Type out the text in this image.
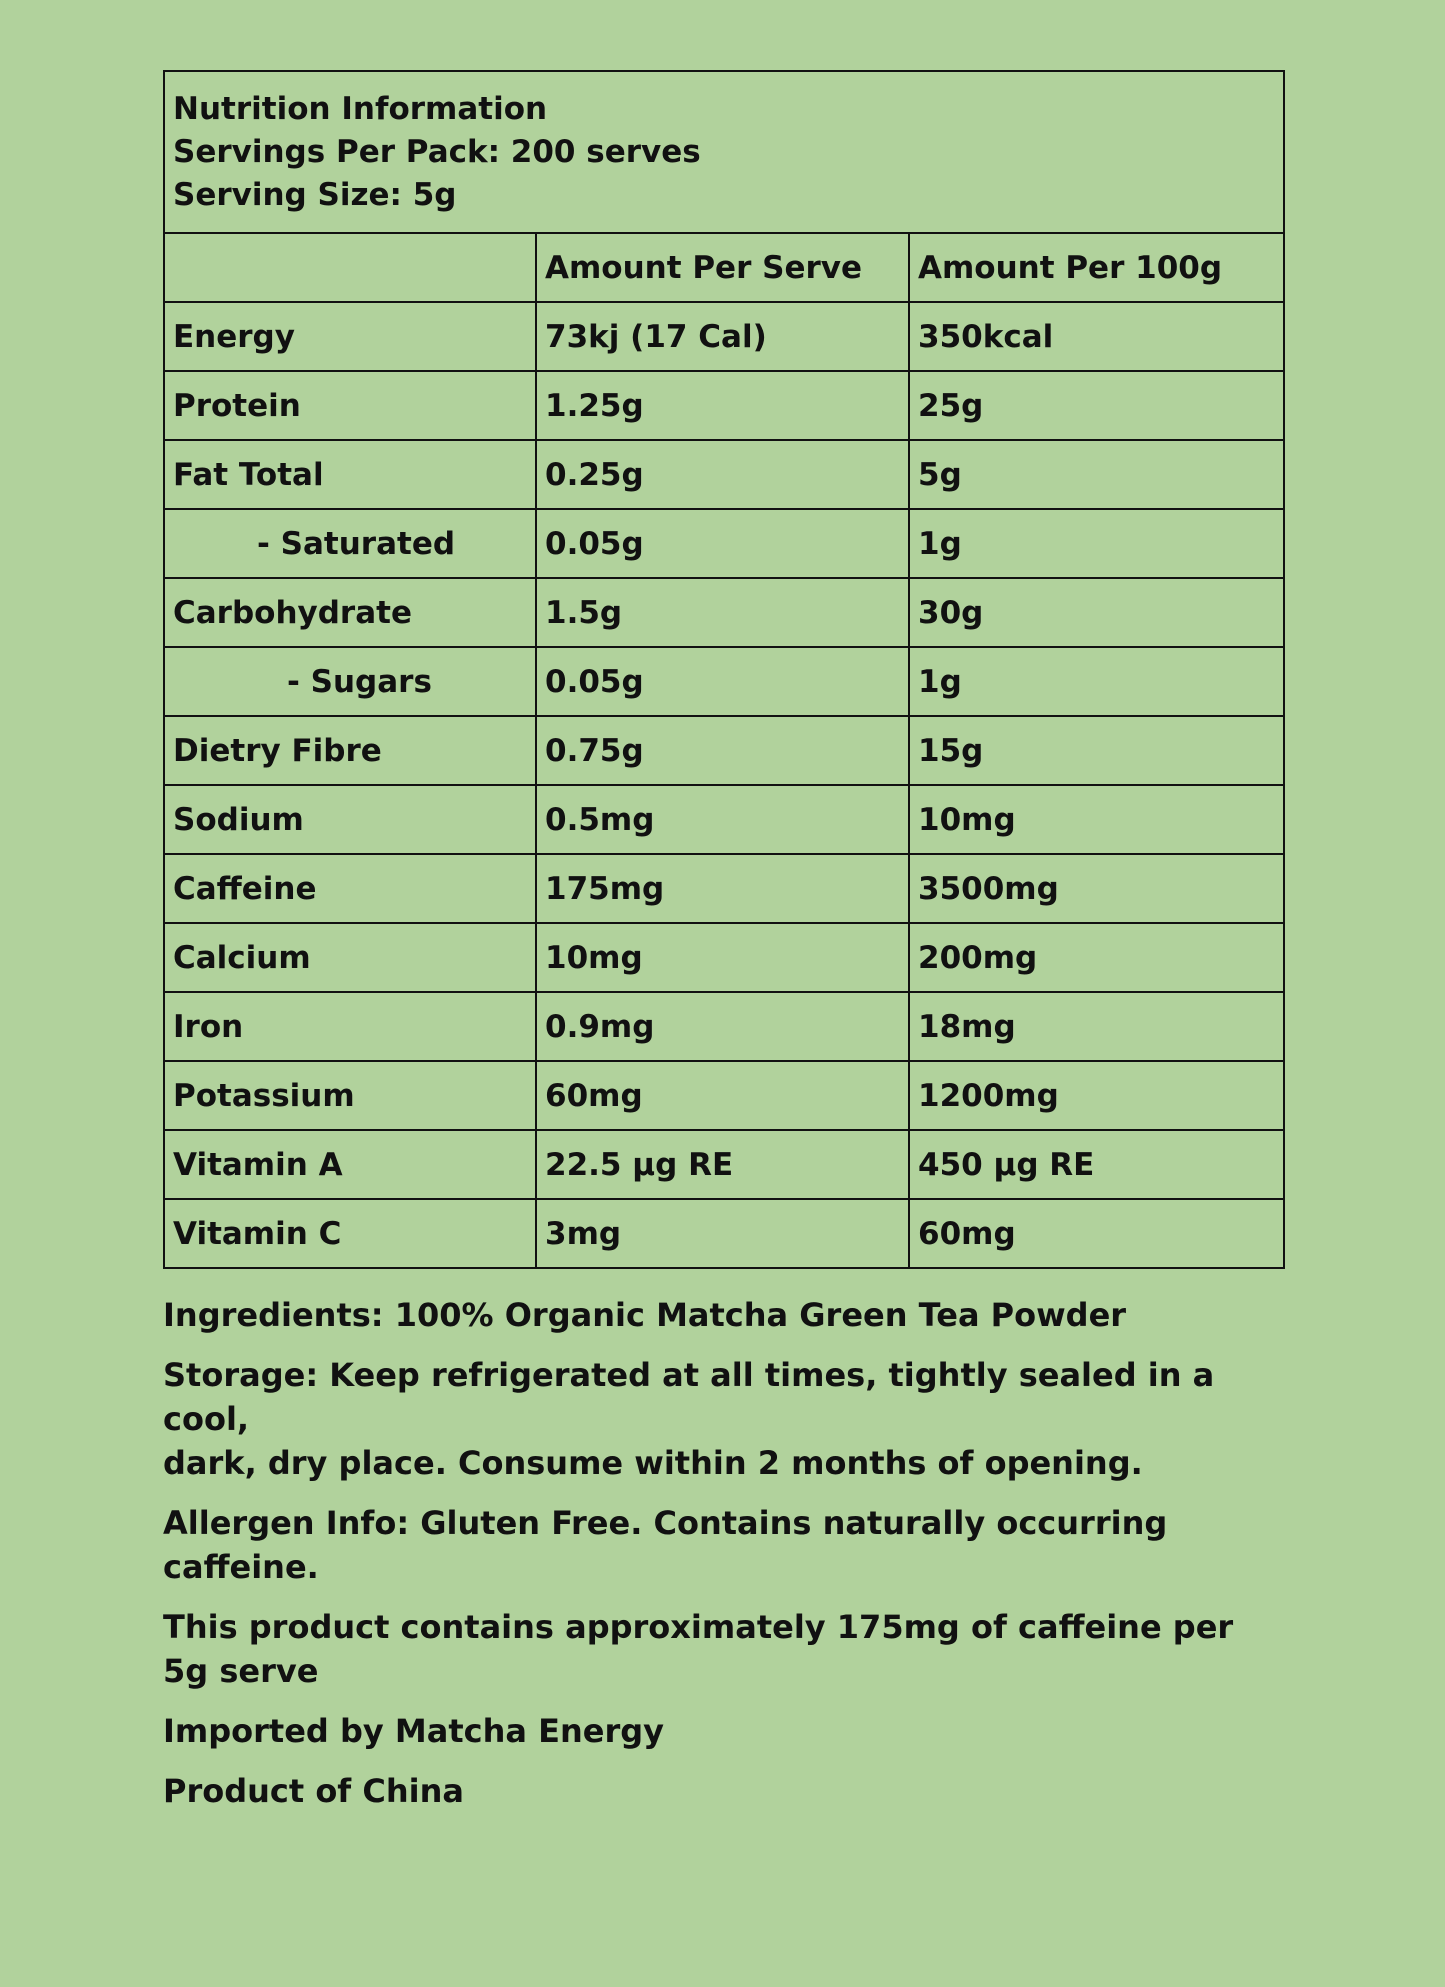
Nutrition Information
Servings Per Pack: 200 serves
Serving Size: 5g		

	Amount Per Serve	Amount Per 100g
Energy	73kj (17 Cal)	350kcal
Protein	1.25g	25g
Fat Total	0.25g	5g
- Saturated	0.05g	1g
Carbohydrate	1.5g	30g
- Sugars	0.05g	1g
Dietry Fibre	0.75g	15g
Sodium	0.5mg	10mg
Caffeine	175mg	3500mg
Calcium	10mg	200mg
Iron	0.9mg	18mg
Potassium	60mg	1200mg
Vitamin A	22.5 µg RE	450 µg RE
Vitamin C	3mg	60mg

Ingredients: 100% Organic Matcha Green Tea Powder

Storage: Keep refrigerated at all times, tightly sealed in a cool,
dark, dry place. Consume within 2 months of opening.

Allergen Info: Gluten Free. Contains naturally occurring caffeine.

This product contains approximately 175mg of caffeine per 5g serve

Imported by Matcha Energy

Product of China
